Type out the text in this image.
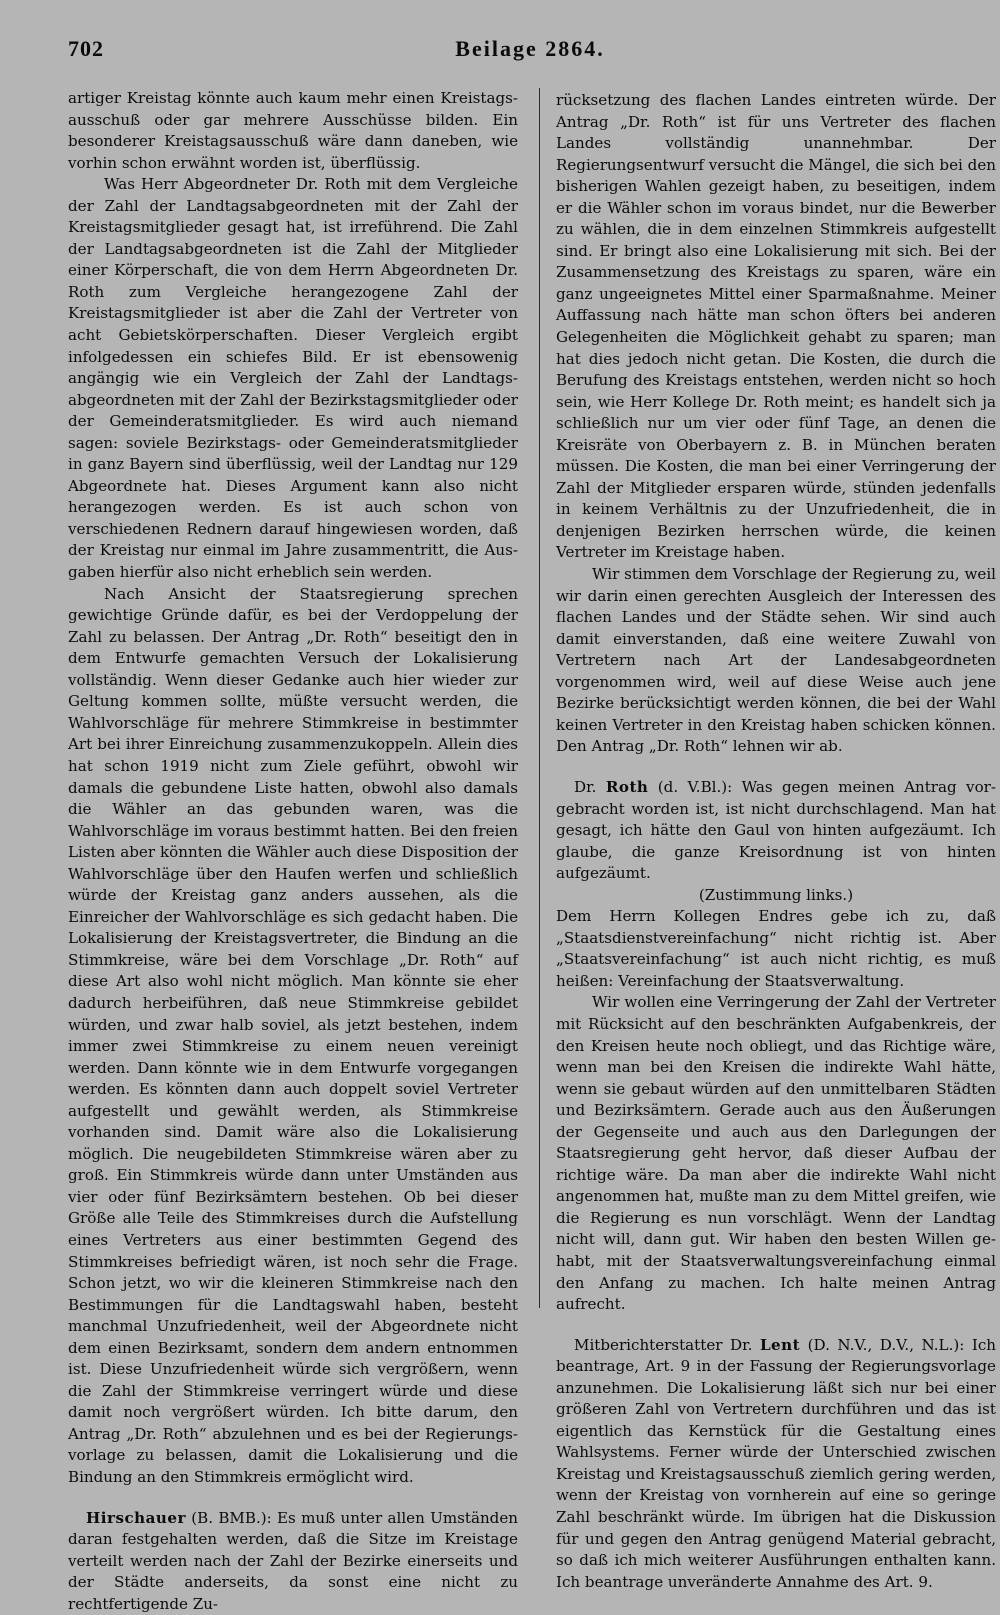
702	Beilage 2864.

artiger Kreistag könnte auch kaum mehr einen Kreistagsausschuß oder gar mehrere Ausschüsse bilden. Ein besonderer Kreistagsausschuß wäre dann daneben, wie vorhin schon erwähnt worden ist, überflüssig.

Was Herr Abgeordneter Dr. Roth mit dem Vergleiche der Zahl der Landtagsabgeordneten mit der Zahl der Kreistagsmitglieder gesagt hat, ist irreführend. Die Zahl der Landtagsabgeordneten ist die Zahl der Mitglieder einer Körperschaft, die von dem Herrn Abgeordneten Dr. Roth zum Vergleiche herangezogene Zahl der Kreistagsmitglieder ist aber die Zahl der Vertreter von acht Gebietskörperschaften. Dieser Vergleich ergibt infolgedessen ein schiefes Bild. Er ist ebensowenig angängig wie ein Vergleich der Zahl der Landtagsabgeordneten mit der Zahl der Bezirkstagsmitglieder oder der Gemeinderatsmitglieder. Es wird auch niemand sagen: soviele Bezirkstags- oder Gemeinderatsmitglieder in ganz Bayern sind überflüssig, weil der Landtag nur 129 Abgeordnete hat. Dieses Argument kann also nicht herangezogen werden. Es ist auch schon von verschiedenen Rednern darauf hingewiesen worden, daß der Kreistag nur einmal im Jahre zusammentritt, die Ausgaben hierfür also nicht erheblich sein werden.

Nach Ansicht der Staatsregierung sprechen gewichtige Gründe dafür, es bei der Verdoppelung der Zahl zu belassen. Der Antrag „Dr. Roth“ beseitigt den in dem Entwurfe gemachten Versuch der Lokalisierung vollständig. Wenn dieser Gedanke auch hier wieder zur Geltung kommen sollte, müßte versucht werden, die Wahlvorschläge für mehrere Stimmkreise in bestimmter Art bei ihrer Einreichung zusammenzukoppeln. Allein dies hat schon 1919 nicht zum Ziele geführt, obwohl wir damals die gebundene Liste hatten, obwohl also damals die Wähler an das gebunden waren, was die Wahlvorschläge im voraus bestimmt hatten. Bei den freien Listen aber könnten die Wähler auch diese Disposition der Wahlvorschläge über den Haufen werfen und schließlich würde der Kreistag ganz anders aussehen, als die Einreicher der Wahlvorschläge es sich gedacht haben. Die Lokalisierung der Kreistagsvertreter, die Bindung an die Stimmkreise, wäre bei dem Vorschlage „Dr. Roth“ auf diese Art also wohl nicht möglich. Man könnte sie eher dadurch herbeiführen, daß neue Stimmkreise gebildet würden, und zwar halb soviel, als jetzt bestehen, indem immer zwei Stimmkreise zu einem neuen vereinigt werden. Dann könnte wie in dem Entwurfe vorgegangen werden. Es könnten dann auch doppelt soviel Vertreter aufgestellt und gewählt werden, als Stimmkreise vorhanden sind. Damit wäre also die Lokalisierung möglich. Die neugebildeten Stimmkreise wären aber zu groß. Ein Stimmkreis würde dann unter Umständen aus vier oder fünf Bezirksämtern bestehen. Ob bei dieser Größe alle Teile des Stimmkreises durch die Aufstellung eines Vertreters aus einer bestimmten Gegend des Stimmkreises befriedigt wären, ist noch sehr die Frage. Schon jetzt, wo wir die kleineren Stimmkreise nach den Bestimmungen für die Landtagswahl haben, besteht manchmal Unzufriedenheit, weil der Abgeordnete nicht dem einen Bezirksamt, sondern dem andern entnommen ist. Diese Unzufriedenheit würde sich vergrößern, wenn die Zahl der Stimmkreise verringert würde und diese damit noch vergrößert würden. Ich bitte darum, den Antrag „Dr. Roth“ abzulehnen und es bei der Regierungsvorlage zu belassen, damit die Lokalisierung und die Bindung an den Stimmkreis ermöglicht wird.

Hirschauer (B. BMB.): Es muß unter allen Umständen daran festgehalten werden, daß die Sitze im Kreistage verteilt werden nach der Zahl der Bezirke einerseits und der Städte anderseits, da sonst eine nicht zu rechtfertigende Zu-

rücksetzung des flachen Landes eintreten würde. Der Antrag „Dr. Roth“ ist für uns Vertreter des flachen Landes vollständig unannehmbar. Der Regierungsentwurf versucht die Mängel, die sich bei den bisherigen Wahlen gezeigt haben, zu beseitigen, indem er die Wähler schon im voraus bindet, nur die Bewerber zu wählen, die in dem einzelnen Stimmkreis aufgestellt sind. Er bringt also eine Lokalisierung mit sich. Bei der Zusammensetzung des Kreistags zu sparen, wäre ein ganz ungeeignetes Mittel einer Sparmaßnahme. Meiner Auffassung nach hätte man schon öfters bei anderen Gelegenheiten die Möglichkeit gehabt zu sparen; man hat dies jedoch nicht getan. Die Kosten, die durch die Berufung des Kreistags entstehen, werden nicht so hoch sein, wie Herr Kollege Dr. Roth meint; es handelt sich ja schließlich nur um vier oder fünf Tage, an denen die Kreisräte von Oberbayern z. B. in München beraten müssen. Die Kosten, die man bei einer Verringerung der Zahl der Mitglieder ersparen würde, stünden jedenfalls in keinem Verhältnis zu der Unzufriedenheit, die in denjenigen Bezirken herrschen würde, die keinen Vertreter im Kreistage haben.

Wir stimmen dem Vorschlage der Regierung zu, weil wir darin einen gerechten Ausgleich der Interessen des flachen Landes und der Städte sehen. Wir sind auch damit einverstanden, daß eine weitere Zuwahl von Vertretern nach Art der Landesabgeordneten vorgenommen wird, weil auf diese Weise auch jene Bezirke berücksichtigt werden können, die bei der Wahl keinen Vertreter in den Kreistag haben schicken können. Den Antrag „Dr. Roth“ lehnen wir ab.

Dr. Roth (d. V.Bl.): Was gegen meinen Antrag vorgebracht worden ist, ist nicht durchschlagend. Man hat gesagt, ich hätte den Gaul von hinten aufgezäumt. Ich glaube, die ganze Kreisordnung ist von hinten aufgezäumt.

(Zustimmung links.)

Dem Herrn Kollegen Endres gebe ich zu, daß „Staatsdienstvereinfachung“ nicht richtig ist. Aber „Staatsvereinfachung“ ist auch nicht richtig, es muß heißen: Vereinfachung der Staatsverwaltung.

Wir wollen eine Verringerung der Zahl der Vertreter mit Rücksicht auf den beschränkten Aufgabenkreis, der den Kreisen heute noch obliegt, und das Richtige wäre, wenn man bei den Kreisen die indirekte Wahl hätte, wenn sie gebaut würden auf den unmittelbaren Städten und Bezirksämtern. Gerade auch aus den Äußerungen der Gegenseite und auch aus den Darlegungen der Staatsregierung geht hervor, daß dieser Aufbau der richtige wäre. Da man aber die indirekte Wahl nicht angenommen hat, mußte man zu dem Mittel greifen, wie die Regierung es nun vorschlägt. Wenn der Landtag nicht will, dann gut. Wir haben den besten Willen gehabt, mit der Staatsverwaltungsvereinfachung einmal den Anfang zu machen. Ich halte meinen Antrag aufrecht.

Mitberichterstatter Dr. Lent (D. N.V., D.V., N.L.): Ich beantrage, Art. 9 in der Fassung der Regierungsvorlage anzunehmen. Die Lokalisierung läßt sich nur bei einer größeren Zahl von Vertretern durchführen und das ist eigentlich das Kernstück für die Gestaltung eines Wahlsystems. Ferner würde der Unterschied zwischen Kreistag und Kreistagsausschuß ziemlich gering werden, wenn der Kreistag von vornherein auf eine so geringe Zahl beschränkt würde. Im übrigen hat die Diskussion für und gegen den Antrag genügend Material gebracht, so daß ich mich weiterer Ausführungen enthalten kann. Ich beantrage unveränderte Annahme des Art. 9.
